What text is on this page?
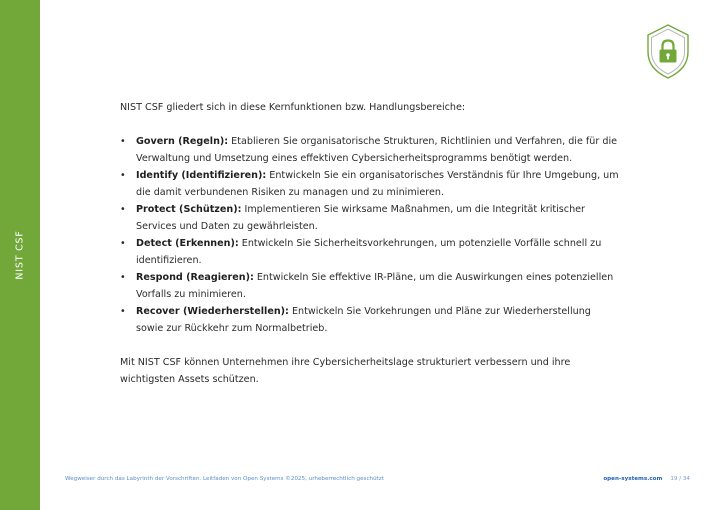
NIST CSF

NIST CSF gliedert sich in diese Kernfunktionen bzw. Handlungsbereiche:

• Govern (Regeln): Etablieren Sie organisatorische Strukturen, Richtlinien und Verfahren, die für die Verwaltung und Umsetzung eines effektiven Cybersicherheitsprogramms benötigt werden.
• Identify (Identifizieren): Entwickeln Sie ein organisatorisches Verständnis für Ihre Umgebung, um die damit verbundenen Risiken zu managen und zu minimieren.
• Protect (Schützen): Implementieren Sie wirksame Maßnahmen, um die Integrität kritischer Services und Daten zu gewährleisten.
• Detect (Erkennen): Entwickeln Sie Sicherheitsvorkehrungen, um potenzielle Vorfälle schnell zu identifizieren.
• Respond (Reagieren): Entwickeln Sie effektive IR-Pläne, um die Auswirkungen eines potenziellen Vorfalls zu minimieren.
• Recover (Wiederherstellen): Entwickeln Sie Vorkehrungen und Pläne zur Wiederherstellung sowie zur Rückkehr zum Normalbetrieb.

Mit NIST CSF können Unternehmen ihre Cybersicherheitslage strukturiert verbessern und ihre wichtigsten Assets schützen.

Wegweiser durch das Labyrinth der Vorschriften. Leitfaden von Open Systems ©2025, urheberrechtlich geschützt	open-systems.com 19 / 34
